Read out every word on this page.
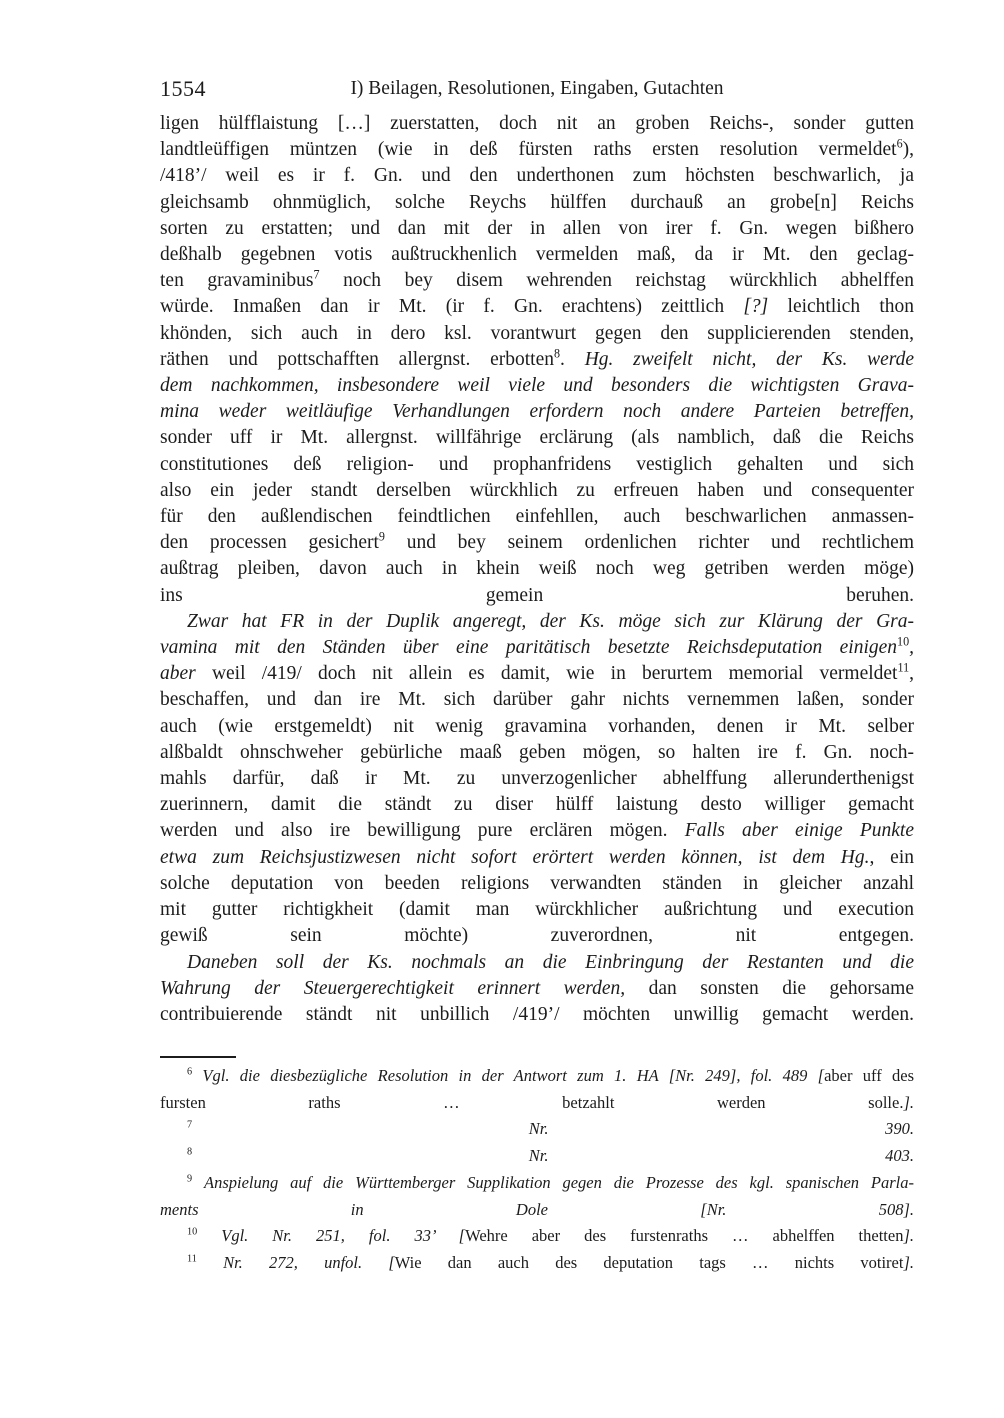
1554	I) Beilagen, Resolutionen, Eingaben, Gutachten
ligen hülfflaistung […] zuerstatten, doch nit an groben Reichs-, sonder gutten
landtleüffigen müntzen (wie in deß fürsten raths ersten resolution vermeldet$^6$),
/418’/ weil es ir f. Gn. und den underthonen zum höchsten beschwarlich, ja
gleichsamb ohnmüglich, solche Reychs hülffen durchauß an grobe[n] Reichs
sorten zu erstatten; und dan mit der in allen von irer f. Gn. wegen bißhero
deßhalb gegebnen votis außtruckhenlich vermelden maß, da ir Mt. den geclag-
ten gravaminibus$^7$ noch bey disem wehrenden reichstag würckhlich abhelffen
würde. Inmaßen dan ir Mt. (ir f. Gn. erachtens) zeittlich [?] leichtlich thon
khönden, sich auch in dero ksl. vorantwurt gegen den supplicierenden stenden,
räthen und pottschafften allergnst. erbotten$^8$. Hg. zweifelt nicht, der Ks. werde
dem nachkommen, insbesondere weil viele und besonders die wichtigsten Grava-
mina weder weitläufige Verhandlungen erfordern noch andere Parteien betreffen,
sonder uff ir Mt. allergnst. willfährige erclärung (als namblich, daß die Reichs
constitutiones deß religion- und prophanfridens vestiglich gehalten und sich
also ein jeder standt derselben würckhlich zu erfreuen haben und consequenter
für den außlendischen feindtlichen einfehllen, auch beschwarlichen anmassen-
den processen gesichert$^9$ und bey seinem ordenlichen richter und rechtlichem
außtrag pleiben, davon auch in khein weiß noch weg getriben werden möge)
ins gemein beruhen.
Zwar hat FR in der Duplik angeregt, der Ks. möge sich zur Klärung der Gra-
vamina mit den Ständen über eine paritätisch besetzte Reichsdeputation einigen$^{10}$,
aber weil /419/ doch nit allein es damit, wie in berurtem memorial vermeldet$^{11}$,
beschaffen, und dan ire Mt. sich darüber gahr nichts vernemmen laßen, sonder
auch (wie erstgemeldt) nit wenig gravamina vorhanden, denen ir Mt. selber
alßbaldt ohnschweher gebürliche maaß geben mögen, so halten ire f. Gn. noch-
mahls darfür, daß ir Mt. zu unverzogenlicher abhelffung allerunderthenigst
zuerinnern, damit die ständt zu diser hülff laistung desto williger gemacht
werden und also ire bewilligung pure erclären mögen. Falls aber einige Punkte
etwa zum Reichsjustizwesen nicht sofort erörtert werden können, ist dem Hg., ein
solche deputation von beeden religions verwandten ständen in gleicher anzahl
mit gutter richtigkheit (damit man würckhlicher außrichtung und execution
gewiß sein möchte) zuverordnen, nit entgegen.
Daneben soll der Ks. nochmals an die Einbringung der Restanten und die
Wahrung der Steuergerechtigkeit erinnert werden, dan sonsten die gehorsame
contribuierende ständt nit unbillich /419’/ möchten unwillig gemacht werden.
$^6$ Vgl. die diesbezügliche Resolution in der Antwort zum 1. HA [Nr. 249], fol. 489 [aber uff des
fursten raths … betzahlt werden solle.].
$^7$	Nr. 390.
$^8$	Nr. 403.
$^9$ Anspielung auf die Württemberger Supplikation gegen die Prozesse des kgl. spanischen Parla-
ments in Dole [Nr. 508].
$^{10}$ Vgl. Nr. 251, fol. 33’ [Wehre aber des furstenraths … abhelffen thetten].
$^{11}$ Nr. 272, unfol. [Wie dan auch des deputation tags … nichts votiret].
